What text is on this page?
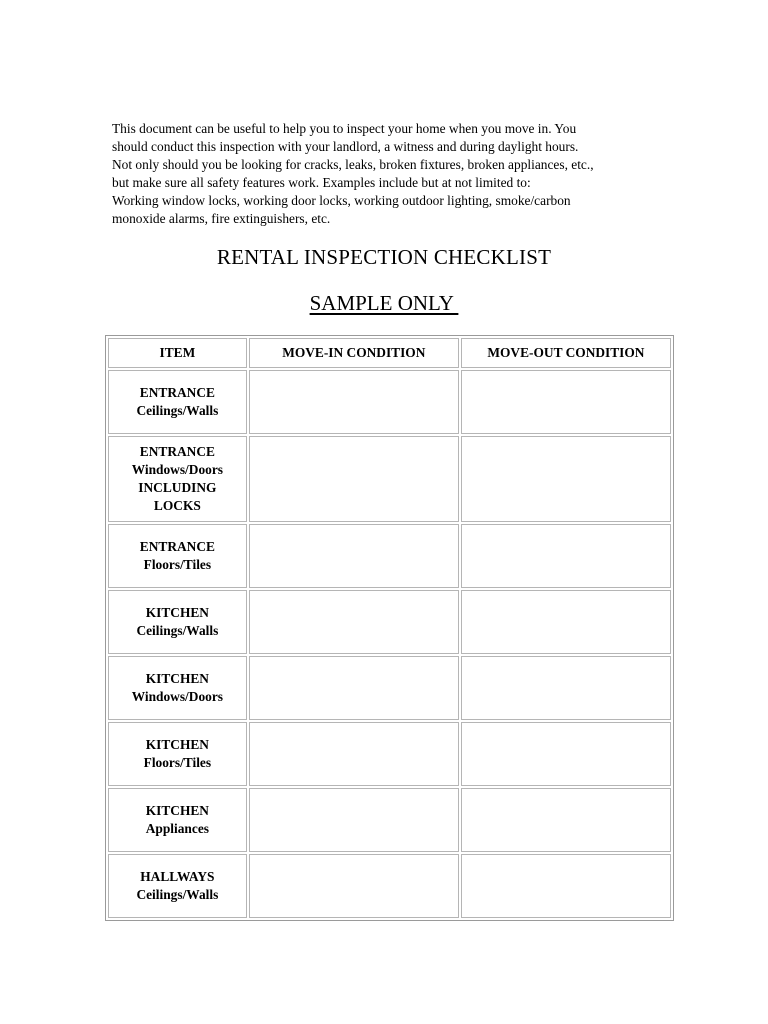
This document can be useful to help you to inspect your home when you move in. You
should conduct this inspection with your landlord, a witness and during daylight hours.
Not only should you be looking for cracks, leaks, broken fixtures, broken appliances, etc.,
but make sure all safety features work. Examples include but at not limited to:
Working window locks, working door locks, working outdoor lighting, smoke/carbon
monoxide alarms, fire extinguishers, etc.
RENTAL INSPECTION CHECKLIST
SAMPLE ONLY
ITEM	MOVE-IN CONDITION	MOVE-OUT CONDITION

ENTRANCE
Ceilings/Walls		

ENTRANCE
Windows/Doors
INCLUDING
LOCKS		

ENTRANCE
Floors/Tiles		

KITCHEN
Ceilings/Walls		

KITCHEN
Windows/Doors		

KITCHEN
Floors/Tiles		

KITCHEN
Appliances		

HALLWAYS
Ceilings/Walls		
